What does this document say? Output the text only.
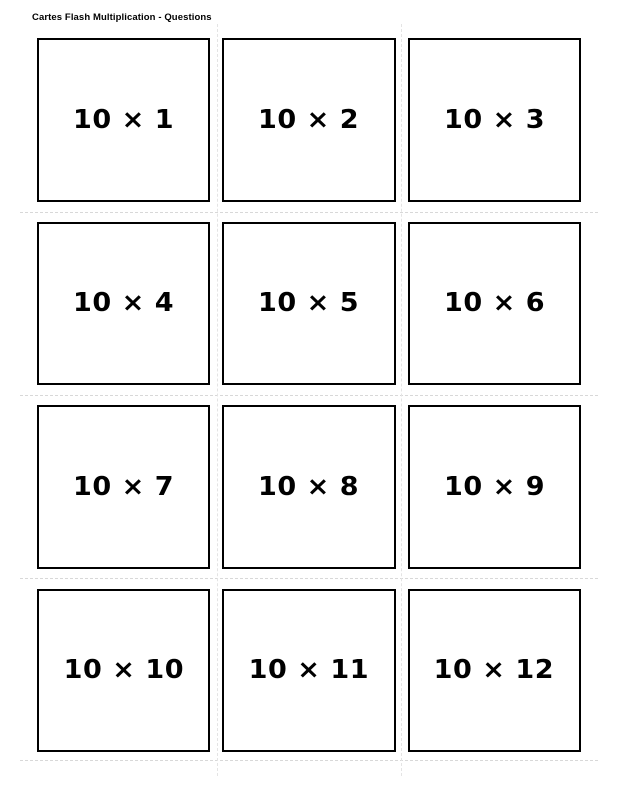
Cartes Flash Multiplication - Questions
10 × 1	10 × 2	10 × 3
10 × 4	10 × 5	10 × 6
10 × 7	10 × 8	10 × 9
10 × 10 10 × 11 10 × 12
